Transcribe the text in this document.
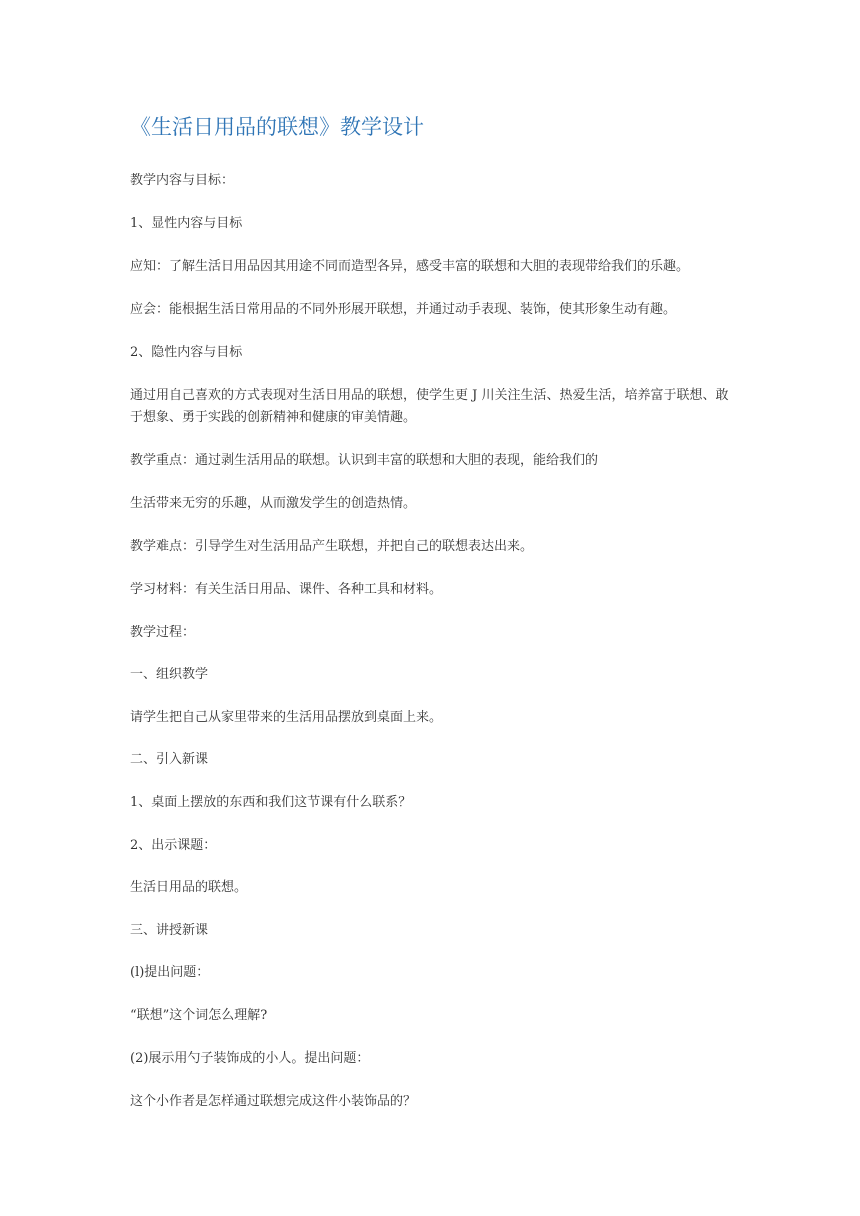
《生活日用品的联想》教学设计
教学内容与目标：
1、显性内容与目标
应知：了解生活日用品因其用途不同而造型各异，感受丰富的联想和大胆的表现带给我们的乐趣。
应会：能根据生活日常用品的不同外形展开联想，并通过动手表现、装饰，使其形象生动有趣。
2、隐性内容与目标
通过用自己喜欢的方式表现对生活日用品的联想，使学生更 J 川关注生活、热爱生活，培养富于联想、敢于想象、勇于实践的创新精神和健康的审美情趣。
教学重点：通过剥生活用品的联想。认识到丰富的联想和大胆的表现，能给我们的
生活带来无穷的乐趣，从而激发学生的创造热情。
教学难点：引导学生对生活用品产生联想，并把自己的联想表达出来。
学习材料：有关生活日用品、课件、各种工具和材料。
教学过程：
一、组织教学
请学生把自己从家里带来的生活用品摆放到桌面上来。
二、引入新课
1、桌面上摆放的东西和我们这节课有什么联系？
2、出示课题：
生活日用品的联想。
三、讲授新课
(l)提出问题：
“联想”这个词怎么理解?
(2)展示用勺子装饰成的小人。提出问题：
这个小作者是怎样通过联想完成这件小装饰品的？
